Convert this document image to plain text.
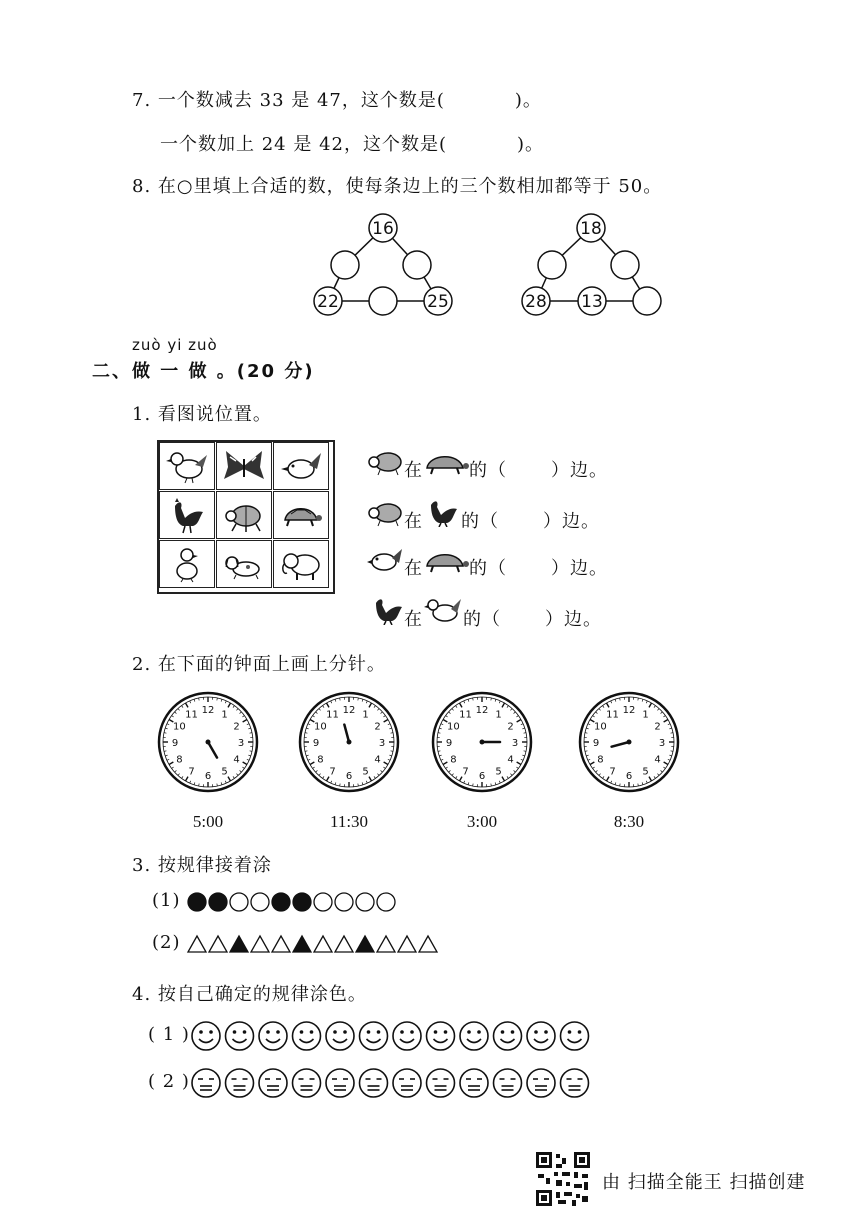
7. 一个数减去 33 是 47，这个数是(	)。
一个数加上 24 是 42，这个数是(	)。
8. 在○里填上合适的数，使每条边上的三个数相加都等于 50。
16
22	25
18
28 13
zuò yi zuò
二、做 一 做 。(20 分)
1. 看图说位置。
在	的（ ）边。
在 的（ ）边。
在	的（ ）边。
在 的（ ）边。
2. 在下面的钟面上画上分针。
1
2
3
4
5
6
7
8
9
10
11 12
5:00
1
2
3
4
5
6
7
8
9
10
11 12
11:30
1
2
3
4
5
6
7
8
9
10
11 12
3:00
1
2
3
4
5
6
7
8
9
10
11 12
8:30
3. 按规律接着涂
(1)
(2)
4. 按自己确定的规律涂色。
( 1 )
( 2 )
由 扫描全能王 扫描创建
